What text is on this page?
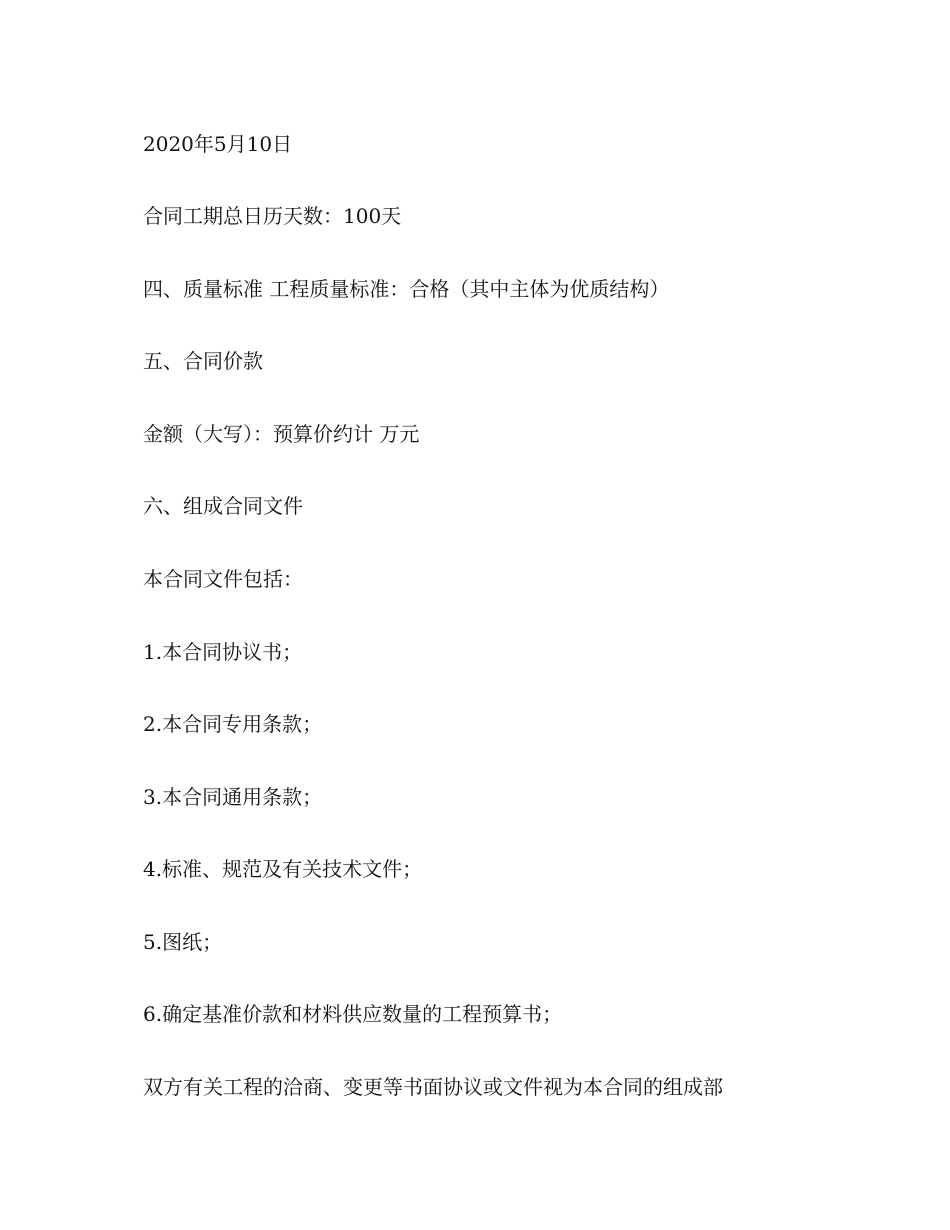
2020年5月10日

合同工期总日历天数：100天

四、质量标准 工程质量标准：合格（其中主体为优质结构）

五、合同价款

金额（大写）：预算价约计 万元

六、组成合同文件

本合同文件包括：

1.本合同协议书；

2.本合同专用条款；

3.本合同通用条款；

4.标准、规范及有关技术文件；

5.图纸；

6.确定基准价款和材料供应数量的工程预算书；

双方有关工程的洽商、变更等书面协议或文件视为本合同的组成部
